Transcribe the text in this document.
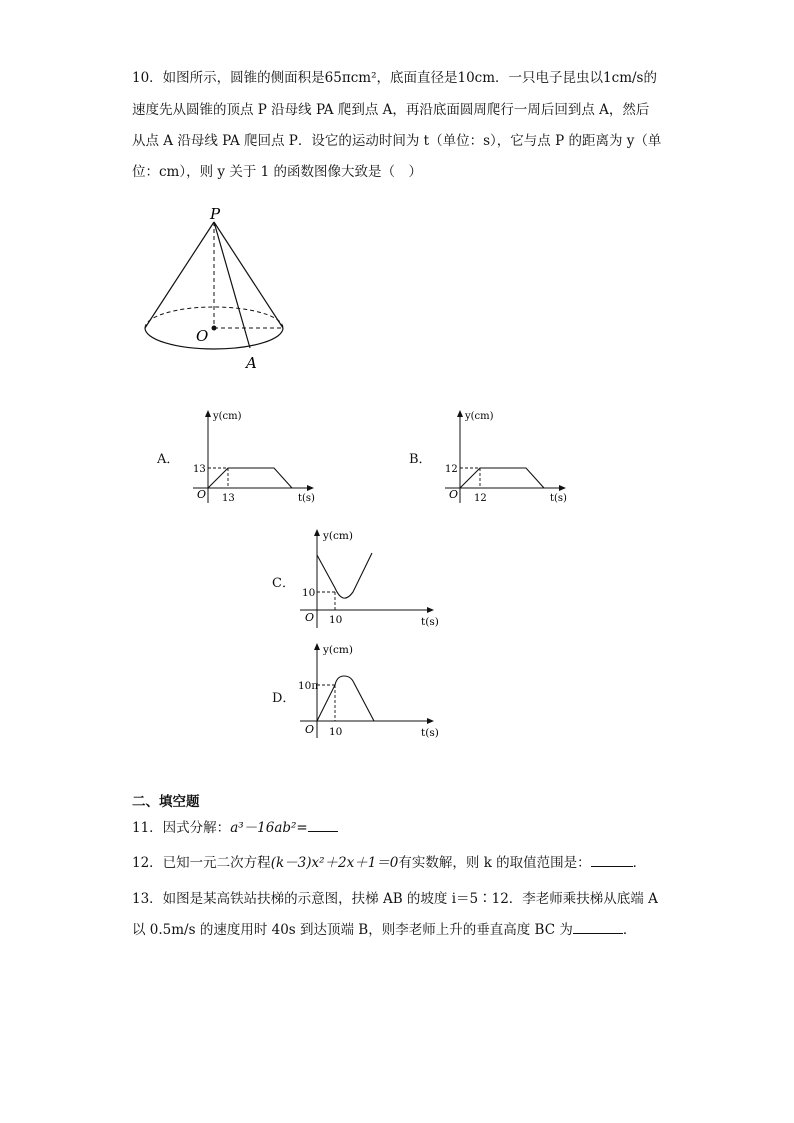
10．如图所示，圆锥的侧面积是65πcm²，底面直径是10cm．一只电子昆虫以1cm/s的
速度先从圆锥的顶点 P 沿母线 PA 爬到点 A，再沿底面圆周爬行一周后回到点 A，然后
从点 A 沿母线 PA 爬回点 P．设它的运动时间为 t（单位：s），它与点 P 的距离为 y（单
位：cm），则 y 关于 1 的函数图像大致是（　）
P
O
A
A．
y(cm)
13
13
O	t(s)
B．
y(cm)
12
12
O	t(s)
C．
y(cm)
10
10
O	t(s)
D．
y(cm)
10π
10
O	t(s)
二、填空题
11．因式分解：a³－16ab²=
12．已知一元二次方程(k－3)x²＋2x＋1＝0有实数解，则 k 的取值范围是：	．
13．如图是某高铁站扶梯的示意图，扶梯 AB 的坡度 i＝5∶12．李老师乘扶梯从底端 A
以 0.5m/s 的速度用时 40s 到达顶端 B，则李老师上升的垂直高度 BC 为	．
